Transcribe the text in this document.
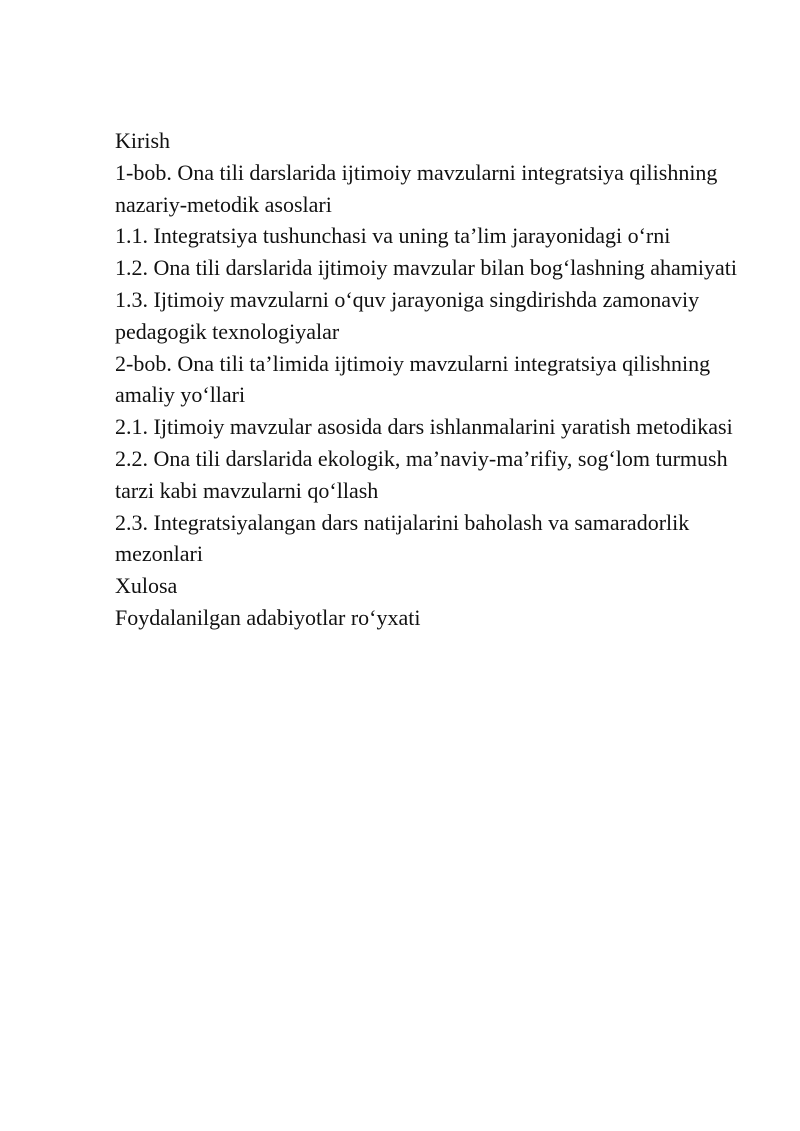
Kirish
1-bob. Ona tili darslarida ijtimoiy mavzularni integratsiya qilishning nazariy-metodik asoslari
1.1. Integratsiya tushunchasi va uning ta’lim jarayonidagi o‘rni
1.2. Ona tili darslarida ijtimoiy mavzular bilan bog‘lashning ahamiyati
1.3. Ijtimoiy mavzularni o‘quv jarayoniga singdirishda zamonaviy pedagogik texnologiyalar
2-bob. Ona tili ta’limida ijtimoiy mavzularni integratsiya qilishning amaliy yo‘llari
2.1. Ijtimoiy mavzular asosida dars ishlanmalarini yaratish metodikasi
2.2. Ona tili darslarida ekologik, ma’naviy-ma’rifiy, sog‘lom turmush tarzi kabi mavzularni qo‘llash
2.3. Integratsiyalangan dars natijalarini baholash va samaradorlik mezonlari
Xulosa
Foydalanilgan adabiyotlar ro‘yxati
